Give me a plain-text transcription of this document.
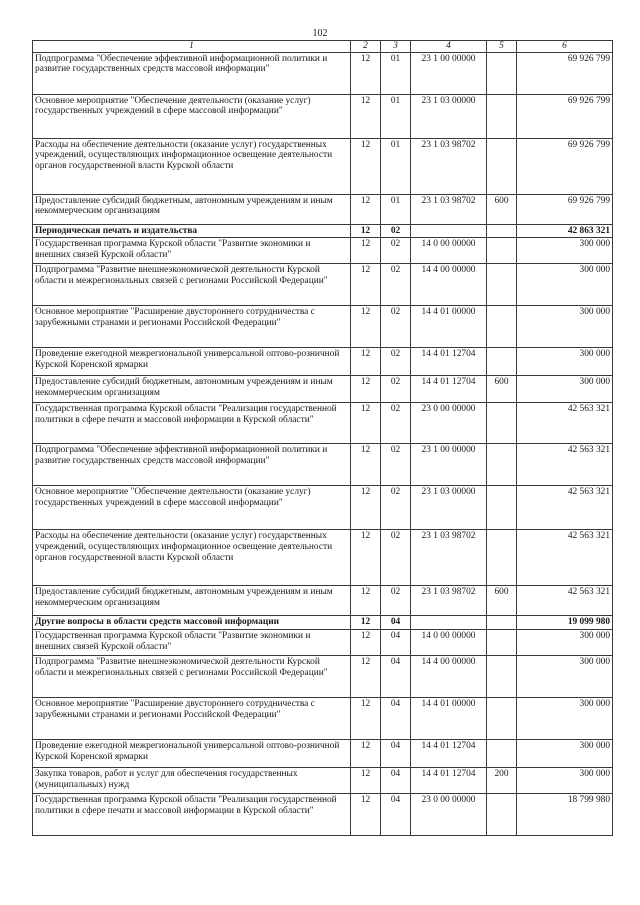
102
1	2	3	4	5	6
Подпрограмма "Обеспечение эффективной информационной политики и развитие государственных средств массовой информации"	12	01	23 1 00 00000		69 926 799
Основное мероприятие "Обеспечение деятельности (оказание услуг) государственных учреждений в сфере массовой информации"	12	01	23 1 03 00000		69 926 799
Расходы на обеспечение деятельности (оказание услуг) государственных учреждений, осуществляющих информационное освещение деятельности органов государственной власти Курской области	12	01	23 1 03 98702		69 926 799
Предоставление субсидий бюджетным, автономным учреждениям и иным некоммерческим организациям	12	01	23 1 03 98702	600	69 926 799
Периодическая печать и издательства	12	02			42 863 321
Государственная программа Курской области "Развитие экономики и внешних связей Курской области"	12	02	14 0 00 00000		300 000
Подпрограмма "Развитие внешнеэкономической деятельности Курской области и межрегиональных связей с регионами Российской Федерации"	12	02	14 4 00 00000		300 000
Основное мероприятие "Расширение двустороннего сотрудничества с зарубежными странами и регионами Российской Федерации"	12	02	14 4 01 00000		300 000
Проведение ежегодной межрегиональной универсальной оптово-розничной Курской Коренской ярмарки	12	02	14 4 01 12704		300 000
Предоставление субсидий бюджетным, автономным учреждениям и иным некоммерческим организациям	12	02	14 4 01 12704	600	300 000
Государственная программа Курской области "Реализация государственной политики в сфере печати и массовой информации в Курской области"	12	02	23 0 00 00000		42 563 321
Подпрограмма "Обеспечение эффективной информационной политики и развитие государственных средств массовой информации"	12	02	23 1 00 00000		42 563 321
Основное мероприятие "Обеспечение деятельности (оказание услуг) государственных учреждений в сфере массовой информации"	12	02	23 1 03 00000		42 563 321
Расходы на обеспечение деятельности (оказание услуг) государственных учреждений, осуществляющих информационное освещение деятельности органов государственной власти Курской области	12	02	23 1 03 98702		42 563 321
Предоставление субсидий бюджетным, автономным учреждениям и иным некоммерческим организациям	12	02	23 1 03 98702	600	42 563 321
Другие вопросы в области средств массовой информации	12	04			19 099 980
Государственная программа Курской области "Развитие экономики и внешних связей Курской области"	12	04	14 0 00 00000		300 000
Подпрограмма "Развитие внешнеэкономической деятельности Курской области и межрегиональных связей с регионами Российской Федерации"	12	04	14 4 00 00000		300 000
Основное мероприятие "Расширение двустороннего сотрудничества с зарубежными странами и регионами Российской Федерации"	12	04	14 4 01 00000		300 000
Проведение ежегодной межрегиональной универсальной оптово-розничной Курской Коренской ярмарки	12	04	14 4 01 12704		300 000
Закупка товаров, работ и услуг для обеспечения государственных (муниципальных) нужд	12	04	14 4 01 12704	200	300 000
Государственная программа Курской области "Реализация государственной политики в сфере печати и массовой информации в Курской области"	12	04	23 0 00 00000		18 799 980
